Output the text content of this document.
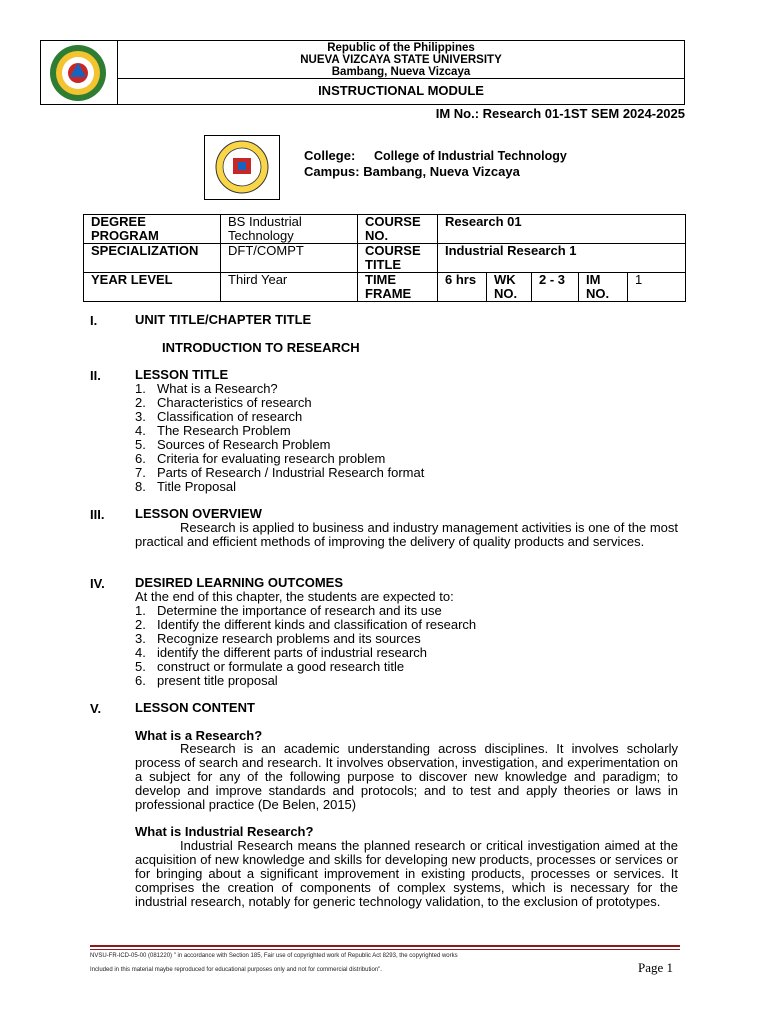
Republic of the Philippines
NUEVA VIZCAYA STATE UNIVERSITY
Bambang, Nueva Vizcaya
INSTRUCTIONAL MODULE
IM No.: Research 01-1ST SEM 2024-2025
College: College of Industrial Technology
Campus: Bambang, Nueva Vizcaya
DEGREE PROGRAM	BS Industrial Technology	COURSE NO.	Research 01				
SPECIALIZATION	DFT/COMPT	COURSE TITLE	Industrial Research 1				
YEAR LEVEL	Third Year	TIME FRAME	6 hrs	WK NO.	2 - 3	IM NO.	1
I.	UNIT TITLE/CHAPTER TITLE
INTRODUCTION TO RESEARCH
II.	LESSON TITLE
1. What is a Research?
2. Characteristics of research
3. Classification of research
4. The Research Problem
5. Sources of Research Problem
6. Criteria for evaluating research problem
7. Parts of Research / Industrial Research format
8. Title Proposal
III. LESSON OVERVIEW
Research is applied to business and industry management activities is one of the most practical and efficient methods of improving the delivery of quality products and services.
IV. DESIRED LEARNING OUTCOMES
At the end of this chapter, the students are expected to:
1. Determine the importance of research and its use
2. Identify the different kinds and classification of research
3. Recognize research problems and its sources
4. identify the different parts of industrial research
5. construct or formulate a good research title
6. present title proposal
V.	LESSON CONTENT
What is a Research?
Research is an academic understanding across disciplines. It involves scholarly process of search and research. It involves observation, investigation, and experimentation on a subject for any of the following purpose to discover new knowledge and paradigm; to develop and improve standards and protocols; and to test and apply theories or laws in professional practice (De Belen, 2015)
What is Industrial Research?
Industrial Research means the planned research or critical investigation aimed at the acquisition of new knowledge and skills for developing new products, processes or services or for bringing about a significant improvement in existing products, processes or services. It comprises the creation of components of complex systems, which is necessary for the industrial research, notably for generic technology validation, to the exclusion of prototypes.
NVSU-FR-ICD-05-00 (081220) " in accordance with Section 185, Fair use of copyrighted work of Republic Act 8293, the copyrighted works
Included in this material maybe reproduced for educational purposes only and not for commercial distribution".	Page 1
